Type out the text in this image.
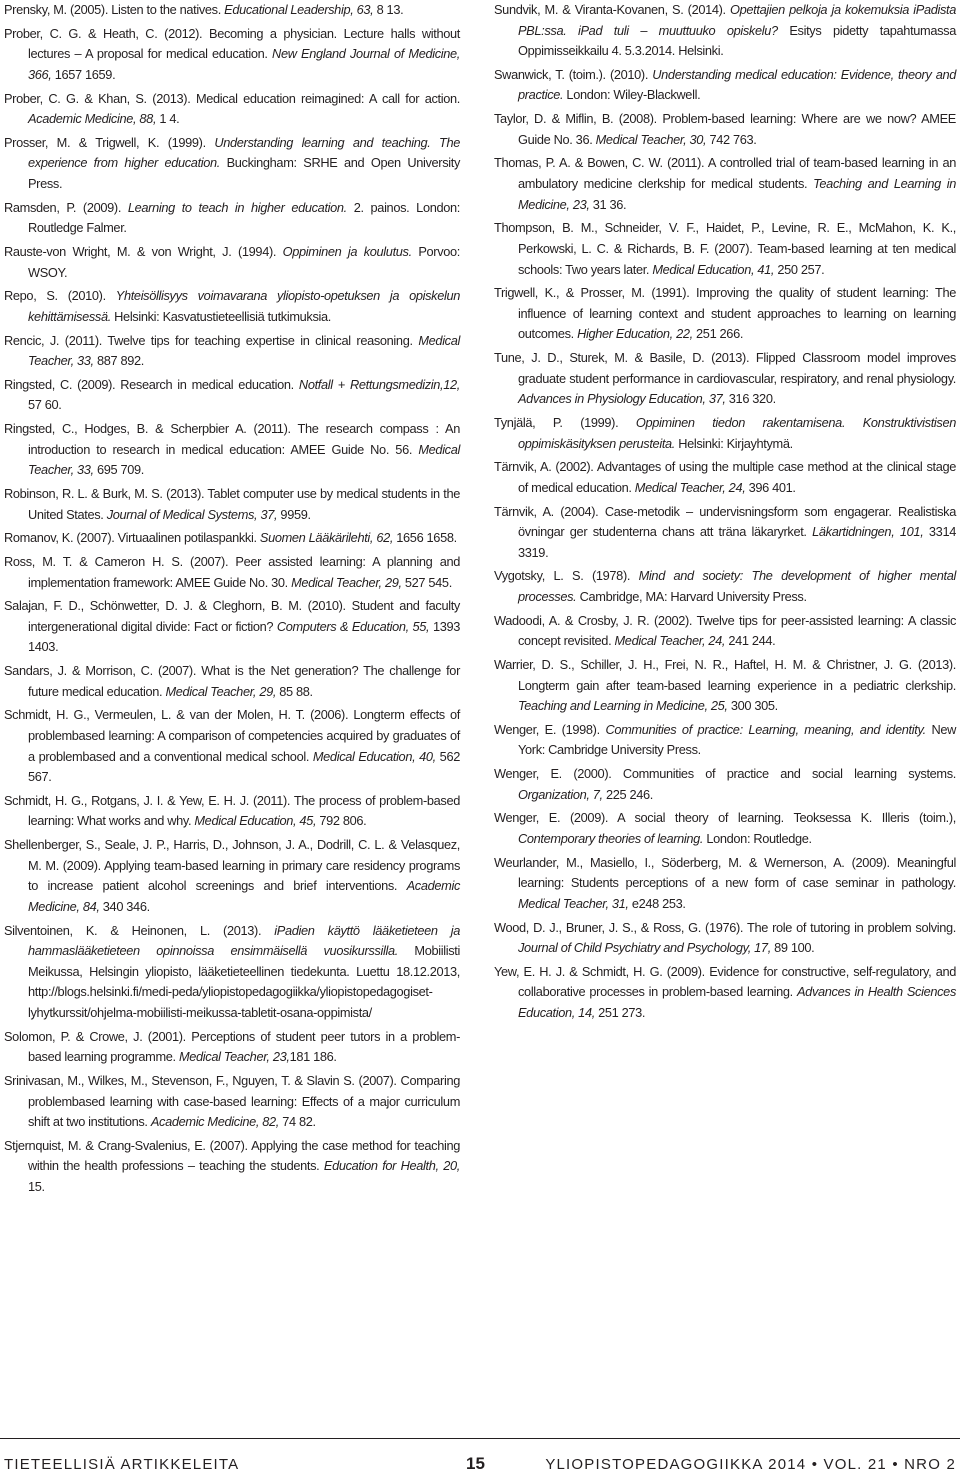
Prensky, M. (2005). Listen to the natives. Educational Leadership, 63, 8 13.

Prober, C. G. & Heath, C. (2012). Becoming a physician. Lecture halls without lectures – A proposal for medical education. New England Journal of Medicine, 366, 1657 1659.

Prober, C. G. & Khan, S. (2013). Medical education reimagined: A call for action. Academic Medicine, 88, 1 4.

Prosser, M. & Trigwell, K. (1999). Understanding learning and teaching. The experience from higher education. Buckingham: SRHE and Open University Press.

Ramsden, P. (2009). Learning to teach in higher education. 2. painos. London: Routledge Falmer.

Rauste-von Wright, M. & von Wright, J. (1994). Oppiminen ja koulutus. Porvoo: WSOY.

Repo, S. (2010). Yhteisöllisyys voimavarana yliopisto-opetuksen ja opiskelun kehittämisessä. Helsinki: Kasvatustieteellisiä tutkimuksia.

Rencic, J. (2011). Twelve tips for teaching expertise in clinical reasoning. Medical Teacher, 33, 887 892.

Ringsted, C. (2009). Research in medical education. Notfall + Rettungsmedizin,12, 57 60.

Ringsted, C., Hodges, B. & Scherpbier A. (2011). The research compass : An introduction to research in medical education: AMEE Guide No. 56. Medical Teacher, 33, 695 709.

Robinson, R. L. & Burk, M. S. (2013). Tablet computer use by medical students in the United States. Journal of Medical Systems, 37, 9959.

Romanov, K. (2007). Virtuaalinen potilaspankki. Suomen Lääkärilehti, 62, 1656 1658.

Ross, M. T. & Cameron H. S. (2007). Peer assisted learning: A planning and implementation framework: AMEE Guide No. 30. Medical Teacher, 29, 527 545.

Salajan, F. D., Schönwetter, D. J. & Cleghorn, B. M. (2010). Student and faculty intergenerational digital divide: Fact or fiction? Computers & Education, 55, 1393 1403.

Sandars, J. & Morrison, C. (2007). What is the Net generation? The challenge for future medical education. Medical Teacher, 29, 85 88.

Schmidt, H. G., Vermeulen, L. & van der Molen, H. T. (2006). Longterm effects of problembased learning: A comparison of competencies acquired by graduates of a problembased and a conventional medical school. Medical Education, 40, 562 567.

Schmidt, H. G., Rotgans, J. I. & Yew, E. H. J. (2011). The process of problem-based learning: What works and why. Medical Education, 45, 792 806.

Shellenberger, S., Seale, J. P., Harris, D., Johnson, J. A., Dodrill, C. L. & Velasquez, M. M. (2009). Applying team-based learning in primary care residency programs to increase patient alcohol screenings and brief interventions. Academic Medicine, 84, 340 346.

Silventoinen, K. & Heinonen, L. (2013). iPadien käyttö lääketieteen ja hammaslääketieteen opinnoissa ensimmäisellä vuosikurssilla. Mobiilisti Meikussa, Helsingin yliopisto, lääketieteellinen tiedekunta. Luettu 18.12.2013, http://blogs.helsinki.fi/medi-peda/yliopistopedagogiikka/yliopistopedagogiset-lyhytkurssit/ohjelma-mobiilisti-meikussa-tabletit-osana-oppimista/

Solomon, P. & Crowe, J. (2001). Perceptions of student peer tutors in a problem-based learning programme. Medical Teacher, 23,181 186.

Srinivasan, M., Wilkes, M., Stevenson, F., Nguyen, T. & Slavin S. (2007). Comparing problembased learning with case-based learning: Effects of a major curriculum shift at two institutions. Academic Medicine, 82, 74 82.

Stjernquist, M. & Crang-Svalenius, E. (2007). Applying the case method for teaching within the health professions – teaching the students. Education for Health, 20, 15.

Sundvik, M. & Viranta-Kovanen, S. (2014). Opettajien pelkoja ja kokemuksia iPadista PBL:ssa. iPad tuli – muuttuuko opiskelu? Esitys pidetty tapahtumassa Oppimisseikkailu 4. 5.3.2014. Helsinki.

Swanwick, T. (toim.). (2010). Understanding medical education: Evidence, theory and practice. London: Wiley-Blackwell.

Taylor, D. & Miflin, B. (2008). Problem-based learning: Where are we now? AMEE Guide No. 36. Medical Teacher, 30, 742 763.

Thomas, P. A. & Bowen, C. W. (2011). A controlled trial of team-based learning in an ambulatory medicine clerkship for medical students. Teaching and Learning in Medicine, 23, 31 36.

Thompson, B. M., Schneider, V. F., Haidet, P., Levine, R. E., McMahon, K. K., Perkowski, L. C. & Richards, B. F. (2007). Team-based learning at ten medical schools: Two years later. Medical Education, 41, 250 257.

Trigwell, K., & Prosser, M. (1991). Improving the quality of student learning: The influence of learning context and student approaches to learning on learning outcomes. Higher Education, 22, 251 266.

Tune, J. D., Sturek, M. & Basile, D. (2013). Flipped Classroom model improves graduate student performance in cardiovascular, respiratory, and renal physiology. Advances in Physiology Education, 37, 316 320.

Tynjälä, P. (1999). Oppiminen tiedon rakentamisena. Konstruktivistisen oppimiskäsityksen perusteita. Helsinki: Kirjayhtymä.

Tärnvik, A. (2002). Advantages of using the multiple case method at the clinical stage of medical education. Medical Teacher, 24, 396 401.

Tärnvik, A. (2004). Case-metodik – undervisningsform som engagerar. Realistiska övningar ger studenterna chans att träna läkaryrket. Läkartidningen, 101, 3314 3319.

Vygotsky, L. S. (1978). Mind and society: The development of higher mental processes. Cambridge, MA: Harvard University Press.

Wadoodi, A. & Crosby, J. R. (2002). Twelve tips for peer-assisted learning: A classic concept revisited. Medical Teacher, 24, 241 244.

Warrier, D. S., Schiller, J. H., Frei, N. R., Haftel, H. M. & Christner, J. G. (2013). Longterm gain after team-based learning experience in a pediatric clerkship. Teaching and Learning in Medicine, 25, 300 305.

Wenger, E. (1998). Communities of practice: Learning, meaning, and identity. New York: Cambridge University Press.

Wenger, E. (2000). Communities of practice and social learning systems. Organization, 7, 225 246.

Wenger, E. (2009). A social theory of learning. Teoksessa K. Illeris (toim.), Contemporary theories of learning. London: Routledge.

Weurlander, M., Masiello, I., Söderberg, M. & Wernerson, A. (2009). Meaningful learning: Students perceptions of a new form of case seminar in pathology. Medical Teacher, 31, e248 253.

Wood, D. J., Bruner, J. S., & Ross, G. (1976). The role of tutoring in problem solving. Journal of Child Psychiatry and Psychology, 17, 89 100.

Yew, E. H. J. & Schmidt, H. G. (2009). Evidence for constructive, self-regulatory, and collaborative processes in problem-based learning. Advances in Health Sciences Education, 14, 251 273.

TIETEELLISIÄ ARTIKKELEITA	15	YLIOPISTOPEDAGOGIIKKA 2014 • VOL. 21 • NRO 2
